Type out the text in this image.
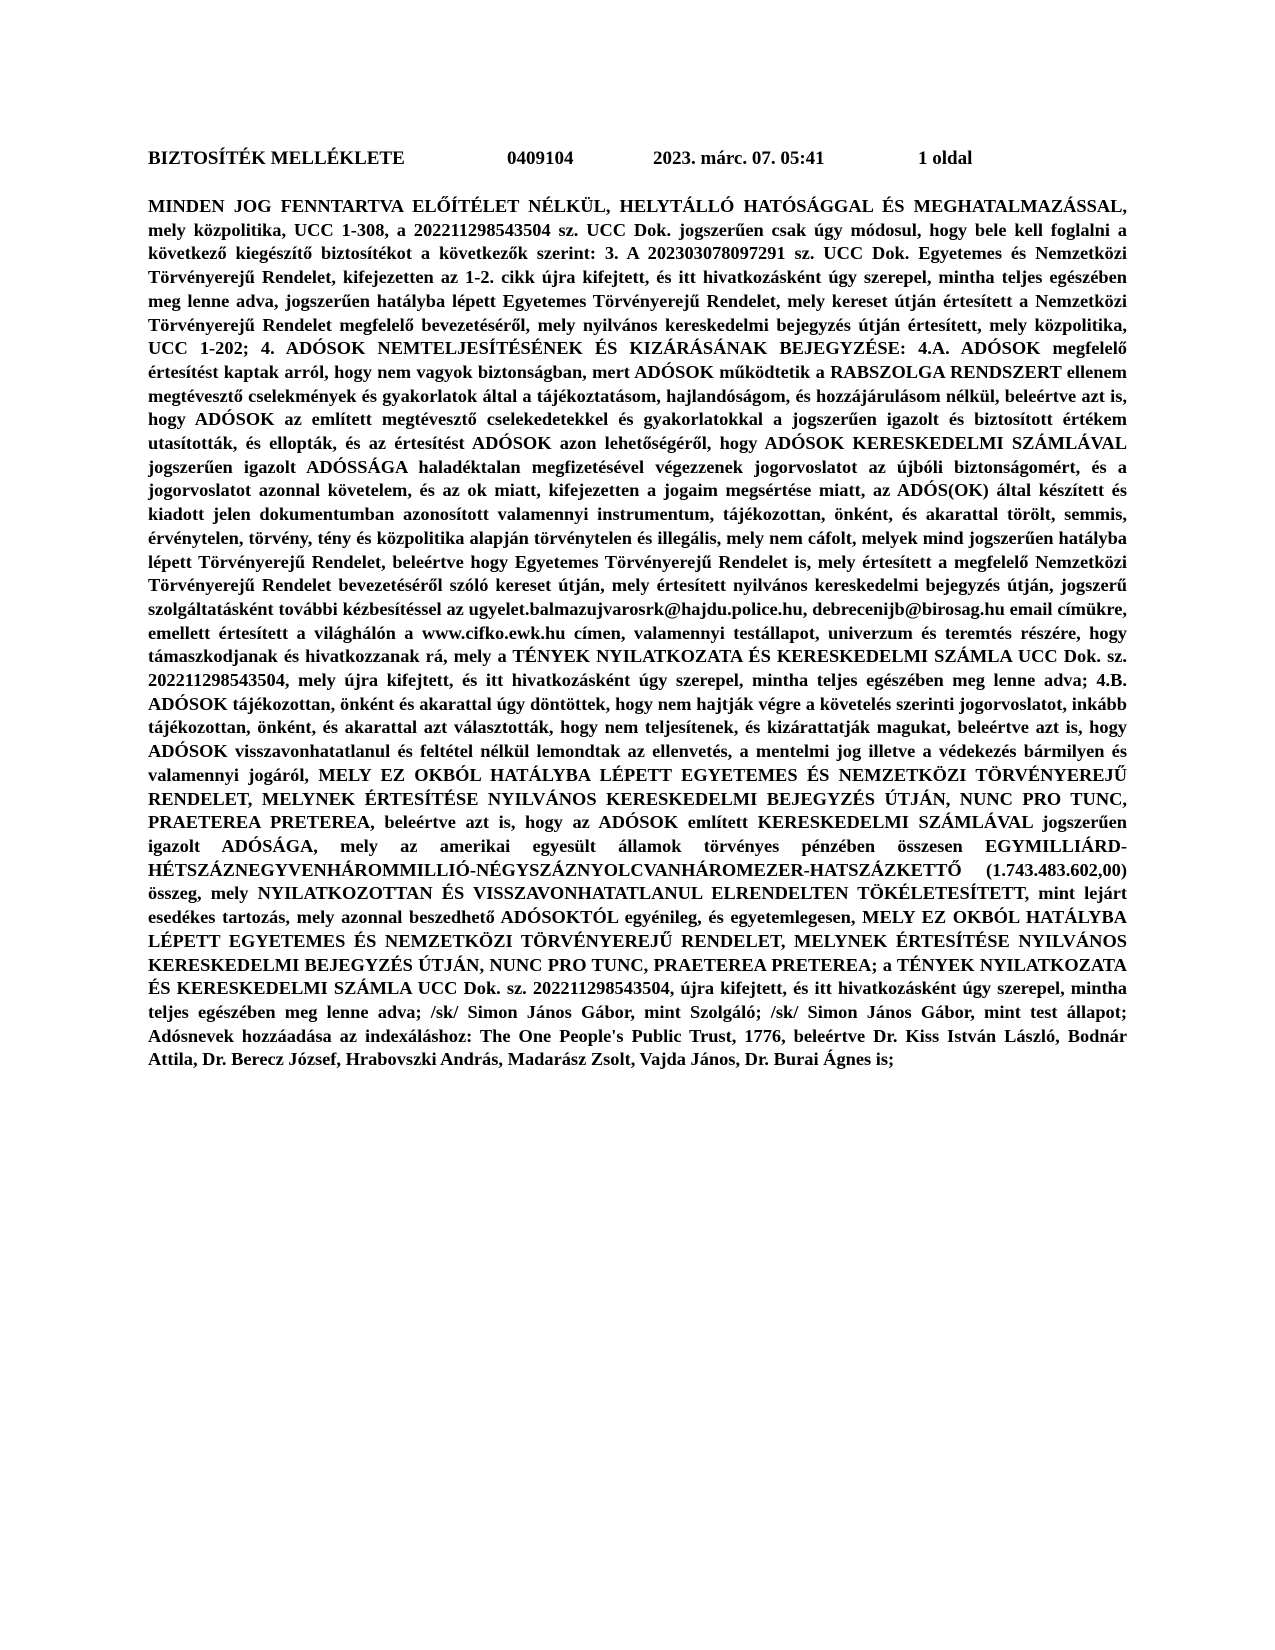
BIZTOSÍTÉK MELLÉKLETE	0409104	2023. márc. 07. 05:41	1 oldal

MINDEN JOG FENNTARTVA ELŐÍTÉLET NÉLKÜL, HELYTÁLLÓ HATÓSÁGGAL ÉS MEGHATALMAZÁSSAL, mely közpolitika, UCC 1-308, a 202211298543504 sz. UCC Dok. jogszerűen csak úgy módosul, hogy bele kell foglalni a következő kiegészítő biztosítékot a következők szerint: 3. A 202303078097291 sz. UCC Dok. Egyetemes és Nemzetközi Törvényerejű Rendelet, kifejezetten az 1-2. cikk újra kifejtett, és itt hivatkozásként úgy szerepel, mintha teljes egészében meg lenne adva, jogszerűen hatályba lépett Egyetemes Törvényerejű Rendelet, mely kereset útján értesített a Nemzetközi Törvényerejű Rendelet megfelelő bevezetéséről, mely nyilvános kereskedelmi bejegyzés útján értesített, mely közpolitika, UCC 1-202; 4. ADÓSOK NEMTELJESÍTÉSÉNEK ÉS KIZÁRÁSÁNAK BEJEGYZÉSE: 4.A. ADÓSOK megfelelő értesítést kaptak arról, hogy nem vagyok biztonságban, mert ADÓSOK működtetik a RABSZOLGA RENDSZERT ellenem megtévesztő cselekmények és gyakorlatok által a tájékoztatásom, hajlandóságom, és hozzájárulásom nélkül, beleértve azt is, hogy ADÓSOK az említett megtévesztő cselekedetekkel és gyakorlatokkal a jogszerűen igazolt és biztosított értékem utasították, és ellopták, és az értesítést ADÓSOK azon lehetőségéről, hogy ADÓSOK KERESKEDELMI SZÁMLÁVAL jogszerűen igazolt ADÓSSÁGA haladéktalan megfizetésével végezzenek jogorvoslatot az újbóli biztonságomért, és a jogorvoslatot azonnal követelem, és az ok miatt, kifejezetten a jogaim megsértése miatt, az ADÓS(OK) által készített és kiadott jelen dokumentumban azonosított valamennyi instrumentum, tájékozottan, önként, és akarattal törölt, semmis, érvénytelen, törvény, tény és közpolitika alapján törvénytelen és illegális, mely nem cáfolt, melyek mind jogszerűen hatályba lépett Törvényerejű Rendelet, beleértve hogy Egyetemes Törvényerejű Rendelet is, mely értesített a megfelelő Nemzetközi Törvényerejű Rendelet bevezetéséről szóló kereset útján, mely értesített nyilvános kereskedelmi bejegyzés útján, jogszerű szolgáltatásként további kézbesítéssel az ugyelet.balmazujvarosrk@hajdu.police.hu, debrecenijb@birosag.hu email címükre, emellett értesített a világhálón a www.cifko.ewk.hu címen, valamennyi testállapot, univerzum és teremtés részére, hogy támaszkodjanak és hivatkozzanak rá, mely a TÉNYEK NYILATKOZATA ÉS KERESKEDELMI SZÁMLA UCC Dok. sz. 202211298543504, mely újra kifejtett, és itt hivatkozásként úgy szerepel, mintha teljes egészében meg lenne adva; 4.B. ADÓSOK tájékozottan, önként és akarattal úgy döntöttek, hogy nem hajtják végre a követelés szerinti jogorvoslatot, inkább tájékozottan, önként, és akarattal azt választották, hogy nem teljesítenek, és kizárattatják magukat, beleértve azt is, hogy ADÓSOK visszavonhatatlanul és feltétel nélkül lemondtak az ellenvetés, a mentelmi jog illetve a védekezés bármilyen és valamennyi jogáról, MELY EZ OKBÓL HATÁLYBA LÉPETT EGYETEMES ÉS NEMZETKÖZI TÖRVÉNYEREJŰ RENDELET, MELYNEK ÉRTESÍTÉSE NYILVÁNOS KERESKEDELMI BEJEGYZÉS ÚTJÁN, NUNC PRO TUNC, PRAETEREA PRETEREA, beleértve azt is, hogy az ADÓSOK említett KERESKEDELMI SZÁMLÁVAL jogszerűen igazolt ADÓSÁGA, mely az amerikai egyesült államok törvényes pénzében összesen EGYMILLIÁRD-HÉTSZÁZNEGYVENHÁROMMILLIÓ-NÉGYSZÁZNYOLCVANHÁROMEZER-HATSZÁZKETTŐ (1.743.483.602,00) összeg, mely NYILATKOZOTTAN ÉS VISSZAVONHATATLANUL ELRENDELTEN TÖKÉLETESÍTETT, mint lejárt esedékes tartozás, mely azonnal beszedhető ADÓSOKTÓL egyénileg, és egyetemlegesen, MELY EZ OKBÓL HATÁLYBA LÉPETT EGYETEMES ÉS NEMZETKÖZI TÖRVÉNYEREJŰ RENDELET, MELYNEK ÉRTESÍTÉSE NYILVÁNOS KERESKEDELMI BEJEGYZÉS ÚTJÁN, NUNC PRO TUNC, PRAETEREA PRETEREA; a TÉNYEK NYILATKOZATA ÉS KERESKEDELMI SZÁMLA UCC Dok. sz. 202211298543504, újra kifejtett, és itt hivatkozásként úgy szerepel, mintha teljes egészében meg lenne adva; /sk/ Simon János Gábor, mint Szolgáló; /sk/ Simon János Gábor, mint test állapot; Adósnevek hozzáadása az indexáláshoz: The One People's Public Trust, 1776, beleértve Dr. Kiss István László, Bodnár Attila, Dr. Berecz József, Hrabovszki András, Madarász Zsolt, Vajda János, Dr. Burai Ágnes is;
